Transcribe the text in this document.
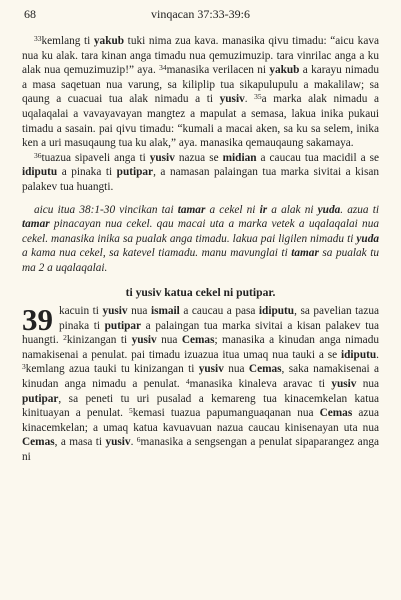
68	vinqacan 37:33-39:6

$^{33}$kemlang ti yakub tuki nima zua kava. manasika qivu timadu: “aicu kava nua ku alak. tara kinan anga timadu nua qemuzimuzip. tara vinrilac anga a ku alak nua qemuzimuzip!” aya. $^{34}$manasika verilacen ni yakub a karayu nimadu a masa saqetuan nua varung, sa kiliplip tua sikapulupulu a makalilaw; sa qaung a cuacuai tua alak nimadu a ti yusiv. $^{35}$a marka alak nimadu a uqalaqalai a vavayavayan mangtez a mapulat a semasa, lakua inika pukaui timadu a sasain. pai qivu timadu: “kumali a macai aken, sa ku sa selem, inika ken a uri masuqaung tua ku alak,” aya. manasika qemauqaung sakamaya.

$^{36}$tuazua sipaveli anga ti yusiv nazua se midian a caucau tua macidil a se idiputu a pinaka ti putipar, a namasan palaingan tua marka sivitai a kisan palakev tua huangti.

aicu itua 38:1-30 vincikan tai tamar a cekel ni ir a alak ni yuda. azua ti tamar pinacayan nua cekel. qau macai uta a marka vetek a uqalaqalai nua cekel. manasika inika sa pualak anga timadu. lakua pai ligilen nimadu ti yuda a kama nua cekel, sa katevel tiamadu. manu mavunglai ti tamar sa pualak tu ma 2 a uqalaqalai.

ti yusiv katua cekel ni putipar.

39 kacuin ti yusiv nua ismail a caucau a pasa idiputu, sa pavelian tazua pinaka ti putipar a palaingan tua marka sivitai a kisan palakev tua huangti. $^2$kinizangan ti yusiv nua Cemas; manasika a kinudan anga nimadu namakisenai a penulat. pai timadu izuazua itua umaq nua tauki a se idiputu. $^3$kemlang azua tauki tu kinizangan ti yusiv nua Cemas, saka namakisenai a kinudan anga nimadu a penulat. $^4$manasika kinaleva aravac ti yusiv nua putipar, sa peneti tu uri pusalad a kemareng tua kinacemkelan katua kinituayan a penulat. $^5$kemasi tuazua papumanguaqanan nua Cemas azua kinacemkelan; a umaq katua kavuavuan nazua caucau kinisenayan uta nua Cemas, a masa ti yusiv. $^6$manasika a sengsengan a penulat sipaparangez anga ni
